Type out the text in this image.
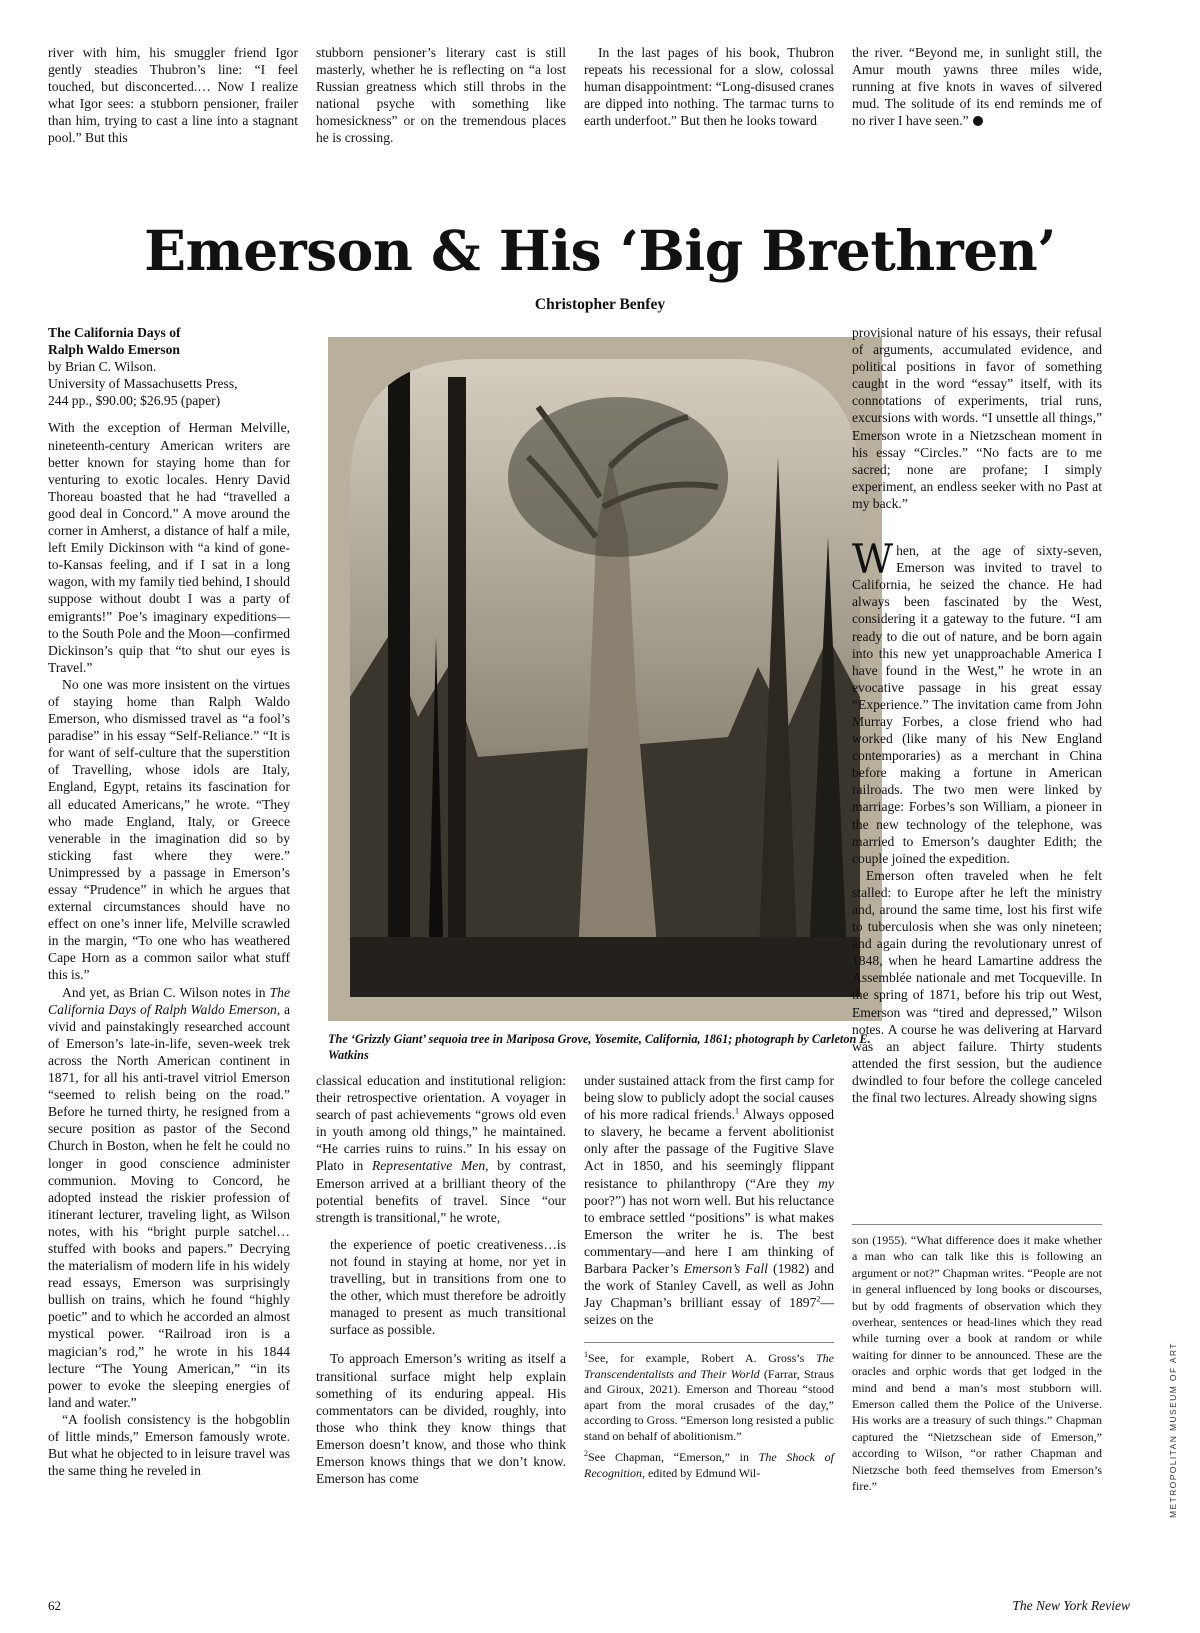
river with him, his smuggler friend Igor gently steadies Thubron’s line: “I feel touched, but disconcerted.… Now I realize what Igor sees: a stubborn pensioner, frailer than him, trying to cast a line into a stagnant pool.” But this

stubborn pensioner’s literary cast is still masterly, whether he is reflecting on “a lost Russian greatness which still throbs in the national psyche with something like homesickness” or on the tremendous places he is crossing.

In the last pages of his book, Thubron repeats his recessional for a slow, colossal human disappointment: “Long-disused cranes are dipped into nothing. The tarmac turns to earth underfoot.” But then he looks toward

the river. “Beyond me, in sunlight still, the Amur mouth yawns three miles wide, running at five knots in waves of silvered mud. The solitude of its end reminds me of no river I have seen.”

Emerson & His ‘Big Brethren’

Christopher Benfey

The California Days of
Ralph Waldo Emerson
by Brian C. Wilson.
University of Massachusetts Press,
244 pp., $90.00; $26.95 (paper)

With the exception of Herman Melville, nineteenth-century American writers are better known for staying home than for venturing to exotic locales. Henry David Thoreau boasted that he had “travelled a good deal in Concord.” A move around the corner in Amherst, a distance of half a mile, left Emily Dickinson with “a kind of gone-to-Kansas feeling, and if I sat in a long wagon, with my family tied behind, I should suppose without doubt I was a party of emigrants!” Poe’s imaginary expeditions—to the South Pole and the Moon—confirmed Dickinson’s quip that “to shut our eyes is Travel.”

No one was more insistent on the virtues of staying home than Ralph Waldo Emerson, who dismissed travel as “a fool’s paradise” in his essay “Self-Reliance.” “It is for want of self-culture that the superstition of Travelling, whose idols are Italy, England, Egypt, retains its fascination for all educated Americans,” he wrote. “They who made England, Italy, or Greece venerable in the imagination did so by sticking fast where they were.” Unimpressed by a passage in Emerson’s essay “Prudence” in which he argues that external circumstances should have no effect on one’s inner life, Melville scrawled in the margin, “To one who has weathered Cape Horn as a common sailor what stuff this is.”

And yet, as Brian C. Wilson notes in The California Days of Ralph Waldo Emerson, a vivid and painstakingly researched account of Emerson’s late-in-life, seven-week trek across the North American continent in 1871, for all his anti-travel vitriol Emerson “seemed to relish being on the road.” Before he turned thirty, he resigned from a secure position as pastor of the Second Church in Boston, when he felt he could no longer in good conscience administer communion. Moving to Concord, he adopted instead the riskier profession of itinerant lecturer, traveling light, as Wilson notes, with his “bright purple satchel… stuffed with books and papers.” Decrying the materialism of modern life in his widely read essays, Emerson was surprisingly bullish on trains, which he found “highly poetic” and to which he accorded an almost mystical power. “Railroad iron is a magician’s rod,” he wrote in his 1844 lecture “The Young American,” “in its power to evoke the sleeping energies of land and water.”

“A foolish consistency is the hobgoblin of little minds,” Emerson famously wrote. But what he objected to in leisure travel was the same thing he reveled in

The ‘Grizzly Giant’ sequoia tree in Mariposa Grove, Yosemite, California, 1861; photograph by Carleton E. Watkins

classical education and institutional religion: their retrospective orientation. A voyager in search of past achievements “grows old even in youth among old things,” he maintained. “He carries ruins to ruins.” In his essay on Plato in Representative Men, by contrast, Emerson arrived at a brilliant theory of the potential benefits of travel. Since “our strength is transitional,” he wrote,

the experience of poetic creativeness…is not found in staying at home, nor yet in travelling, but in transitions from one to the other, which must therefore be adroitly managed to present as much transitional surface as possible.

To approach Emerson’s writing as itself a transitional surface might help explain something of its enduring appeal. His commentators can be divided, roughly, into those who think they know things that Emerson doesn’t know, and those who think Emerson knows things that we don’t know. Emerson has come

under sustained attack from the first camp for being slow to publicly adopt the social causes of his more radical friends.$^1$ Always opposed to slavery, he became a fervent abolitionist only after the passage of the Fugitive Slave Act in 1850, and his seemingly flippant resistance to philanthropy (“Are they my poor?”) has not worn well. But his reluctance to embrace settled “positions” is what makes Emerson the writer he is. The best commentary—and here I am thinking of Barbara Packer’s Emerson’s Fall (1982) and the work of Stanley Cavell, as well as John Jay Chapman’s brilliant essay of 1897$^2$—seizes on the

$^1$See, for example, Robert A. Gross’s The Transcendentalists and Their World (Farrar, Straus and Giroux, 2021). Emerson and Thoreau “stood apart from the moral crusades of the day,” according to Gross. “Emerson long resisted a public stand on behalf of abolitionism.”

$^2$See Chapman, “Emerson,” in The Shock of Recognition, edited by Edmund Wil-

provisional nature of his essays, their refusal of arguments, accumulated evidence, and political positions in favor of something caught in the word “essay” itself, with its connotations of experiments, trial runs, excursions with words. “I unsettle all things,” Emerson wrote in a Nietzschean moment in his essay “Circles.” “No facts are to me sacred; none are profane; I simply experiment, an endless seeker with no Past at my back.”

When, at the age of sixty-seven, Emerson was invited to travel to California, he seized the chance. He had always been fascinated by the West, considering it a gateway to the future. “I am ready to die out of nature, and be born again into this new yet unapproachable America I have found in the West,” he wrote in an evocative passage in his great essay “Experience.” The invitation came from John Murray Forbes, a close friend who had worked (like many of his New England contemporaries) as a merchant in China before making a fortune in American railroads. The two men were linked by marriage: Forbes’s son William, a pioneer in the new technology of the telephone, was married to Emerson’s daughter Edith; the couple joined the expedition.

Emerson often traveled when he felt stalled: to Europe after he left the ministry and, around the same time, lost his first wife to tuberculosis when she was only nineteen; and again during the revolutionary unrest of 1848, when he heard Lamartine address the Assemblée nationale and met Tocqueville. In the spring of 1871, before his trip out West, Emerson was “tired and depressed,” Wilson notes. A course he was delivering at Harvard was an abject failure. Thirty students attended the first session, but the audience dwindled to four before the college canceled the final two lectures. Already showing signs

son (1955). “What difference does it make whether a man who can talk like this is following an argument or not?” Chapman writes. “People are not in general influenced by long books or discourses, but by odd fragments of observation which they overhear, sentences or head-lines which they read while turning over a book at random or while waiting for dinner to be announced. These are the oracles and orphic words that get lodged in the mind and bend a man’s most stubborn will. Emerson called them the Police of the Universe. His works are a treasury of such things.” Chapman captured the “Nietzschean side of Emerson,” according to Wilson, “or rather Chapman and Nietzsche both feed themselves from Emerson’s fire.”	METROPOLITAN MUSEUM OF ART
62	The New York Review
